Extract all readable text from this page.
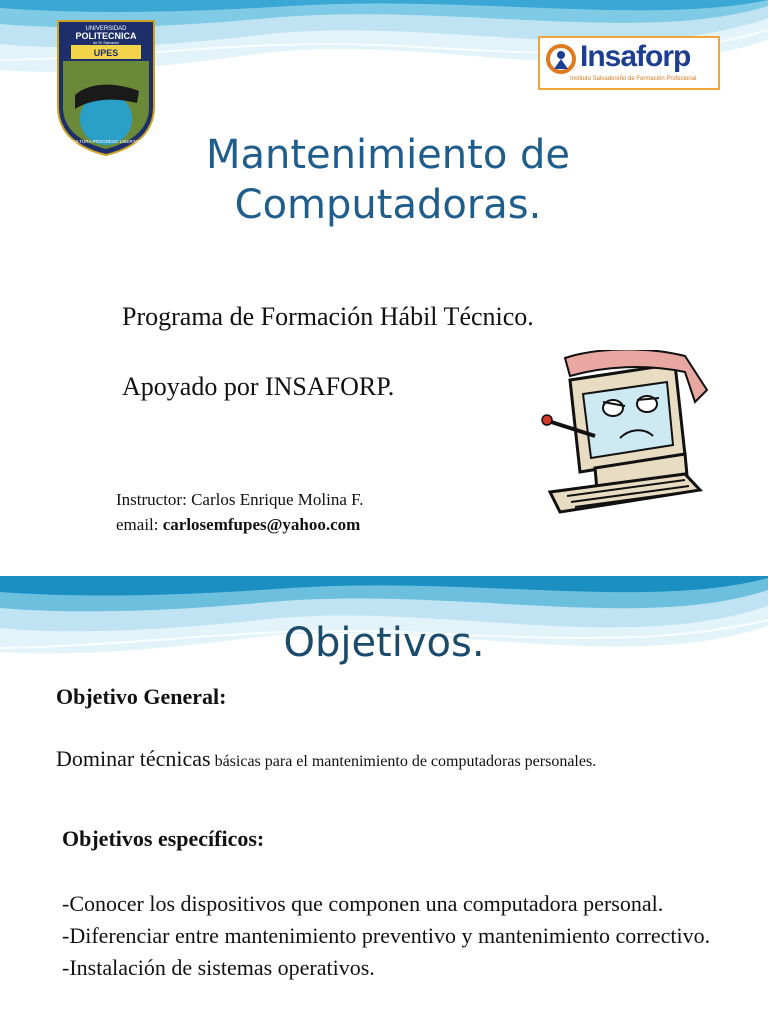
UNIVERSIDAD
POLITECNICA
de El Salvador
UPES
CULTURA PROGRESO LIBERTAD
Insaforp
Instituto Salvadoreño de Formación Profesional
Mantenimiento de
Computadoras.
Programa de Formación Hábil Técnico.
Apoyado por INSAFORP.
Instructor: Carlos Enrique Molina F.
email: carlosemfupes@yahoo.com
Objetivos.
Objetivo General:
Dominar técnicas básicas para el mantenimiento de computadoras personales.
Objetivos específicos:

-Conocer los dispositivos que componen una computadora personal.

-Diferenciar entre mantenimiento preventivo y mantenimiento correctivo.

-Instalación de sistemas operativos.
